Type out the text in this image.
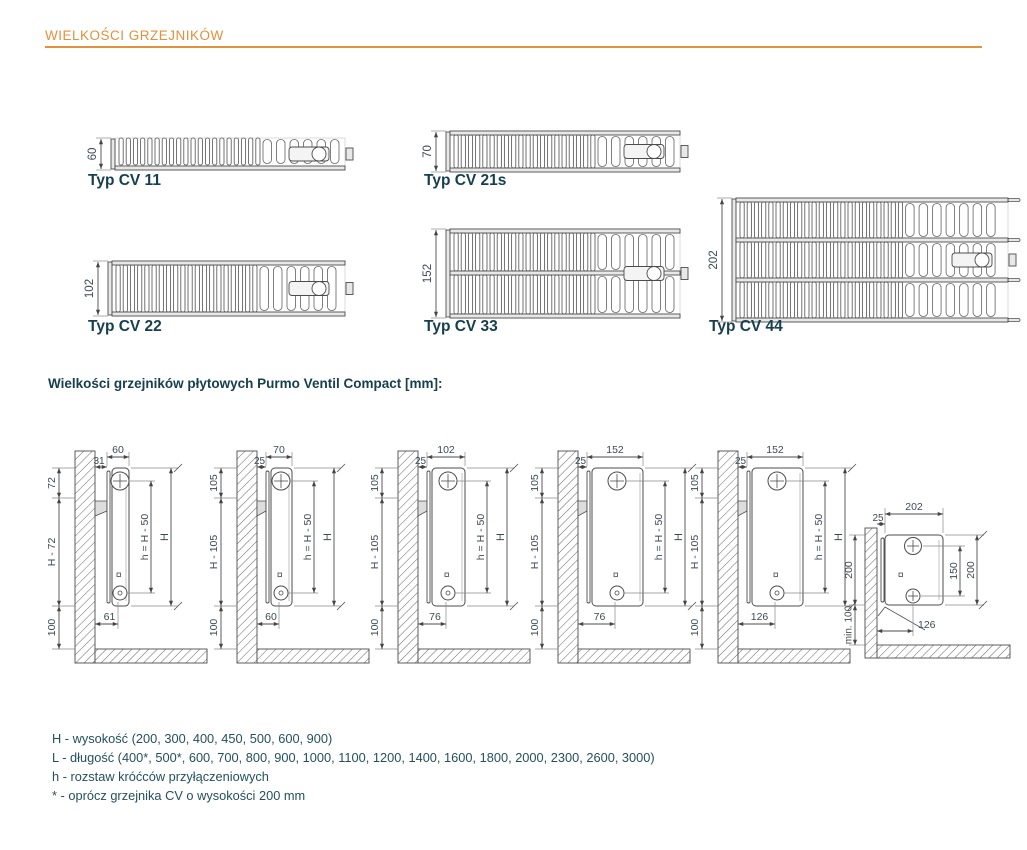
WIELKOŚCI GRZEJNIKÓW
60	70
102
152
202
72
H - 72
100
60
31
h = H - 50 H
61
105
H - 105
100
70
25
h = H - 50 H
60
105
H - 105
100
102
25
h = H - 50 H
76
105
H - 105
100
152
25
h = H - 50 H
76
105
H - 105
100
152
25
h = H - 50 H
126
202
25
200
min. 100
150 200
126
Typ CV 11	Typ CV 21s
Typ CV 22	Typ CV 33	Typ CV 44
Wielkości grzejników płytowych Purmo Ventil Compact [mm]:
H - wysokość (200, 300, 400, 450, 500, 600, 900)
L - długość (400*, 500*, 600, 700, 800, 900, 1000, 1100, 1200, 1400, 1600, 1800, 2000, 2300, 2600, 3000)
h - rozstaw króćców przyłączeniowych
* - oprócz grzejnika CV o wysokości 200 mm
